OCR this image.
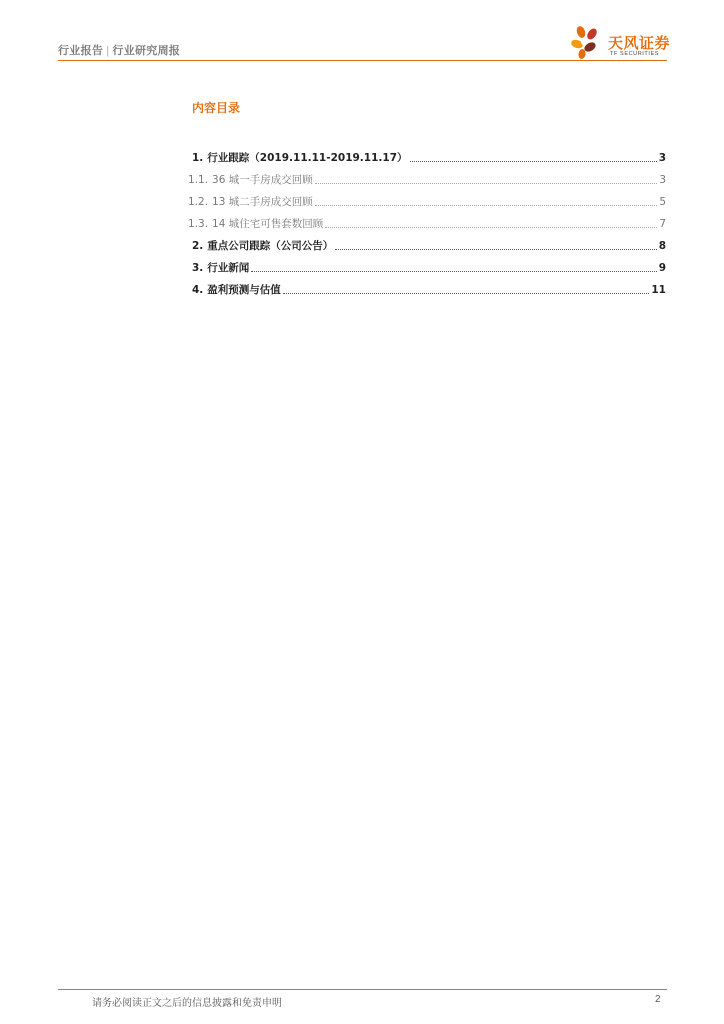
行业报告 | 行业研究周报	天风证券
TF SECURITIES
内容目录
1. 行业跟踪（2019.11.11-2019.11.17）	3
1.1. 36 城一手房成交回顾	3
1.2. 13 城二手房成交回顾	5
1.3. 14 城住宅可售套数回顾	7
2. 重点公司跟踪（公司公告）	8
3. 行业新闻	9
4. 盈利预测与估值	11
请务必阅读正文之后的信息披露和免责申明	2
